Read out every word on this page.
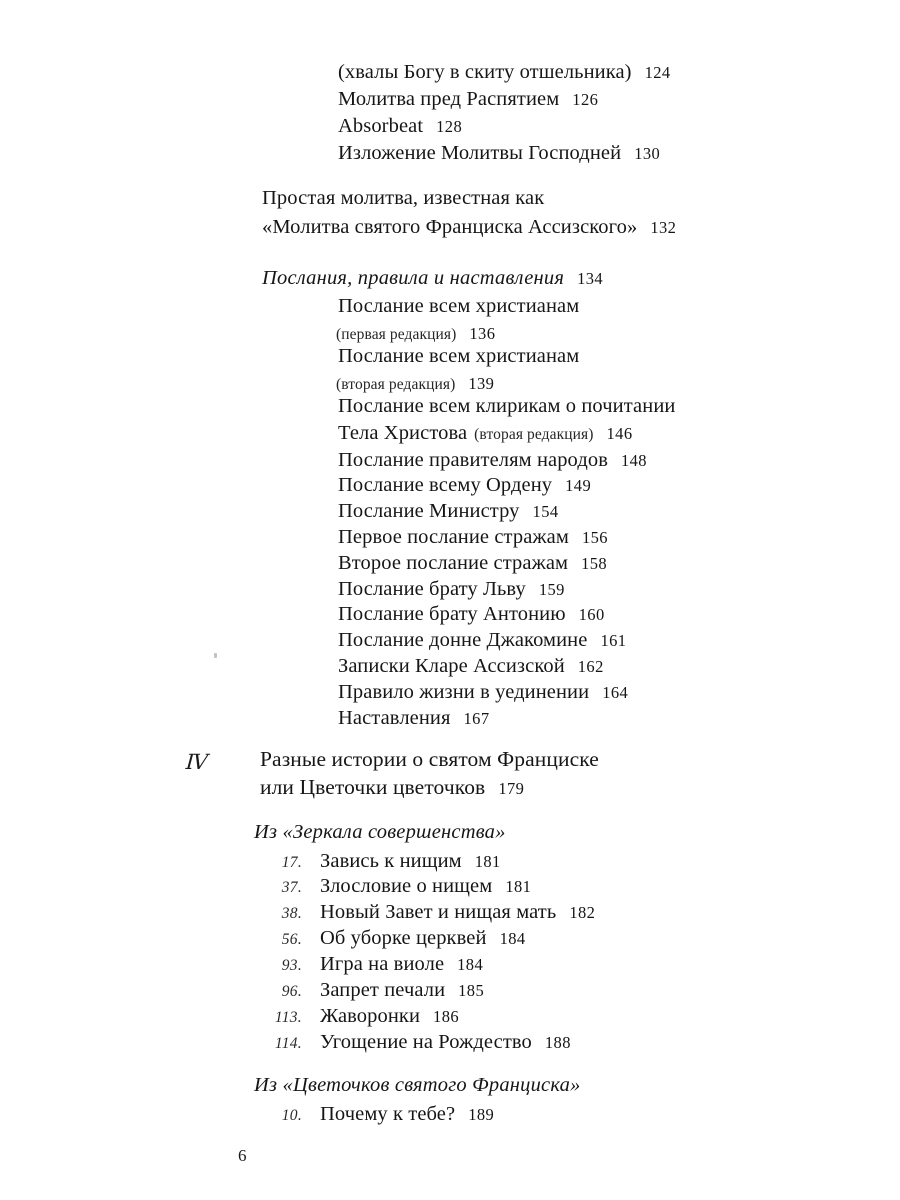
(хвалы Богу в скиту отшельника) 124
Молитва пред Распятием 126
Absorbeat 128
Изложение Молитвы Господней 130
Простая молитва, известная как
«Молитва святого Франциска Ассизского» 132
Послания, правила и наставления 134
Послание всем христианам
(первая редакция) 136
Послание всем христианам
(вторая редакция) 139
Послание всем клирикам о почитании
Тела Христова (вторая редакция) 146
Послание правителям народов 148
Послание всему Ордену 149
Послание Министру 154
Первое послание стражам 156
Второе послание стражам 158
Послание брату Льву 159
Послание брату Антонию 160
Послание донне Джакомине 161
Записки Кларе Ассизской 162
Правило жизни в уединении 164
Наставления 167
IV Разные истории о святом Франциске
или Цветочки цветочков 179
Из «Зеркала совершенства»
17. Завись к нищим 181
37. Злословие о нищем 181
38. Новый Завет и нищая мать 182
56. Об уборке церквей 184
93. Игра на виоле 184
96. Запрет печали 185
113. Жаворонки 186
114. Угощение на Рождество 188
Из «Цветочков святого Франциска»
10. Почему к тебе? 189
6
